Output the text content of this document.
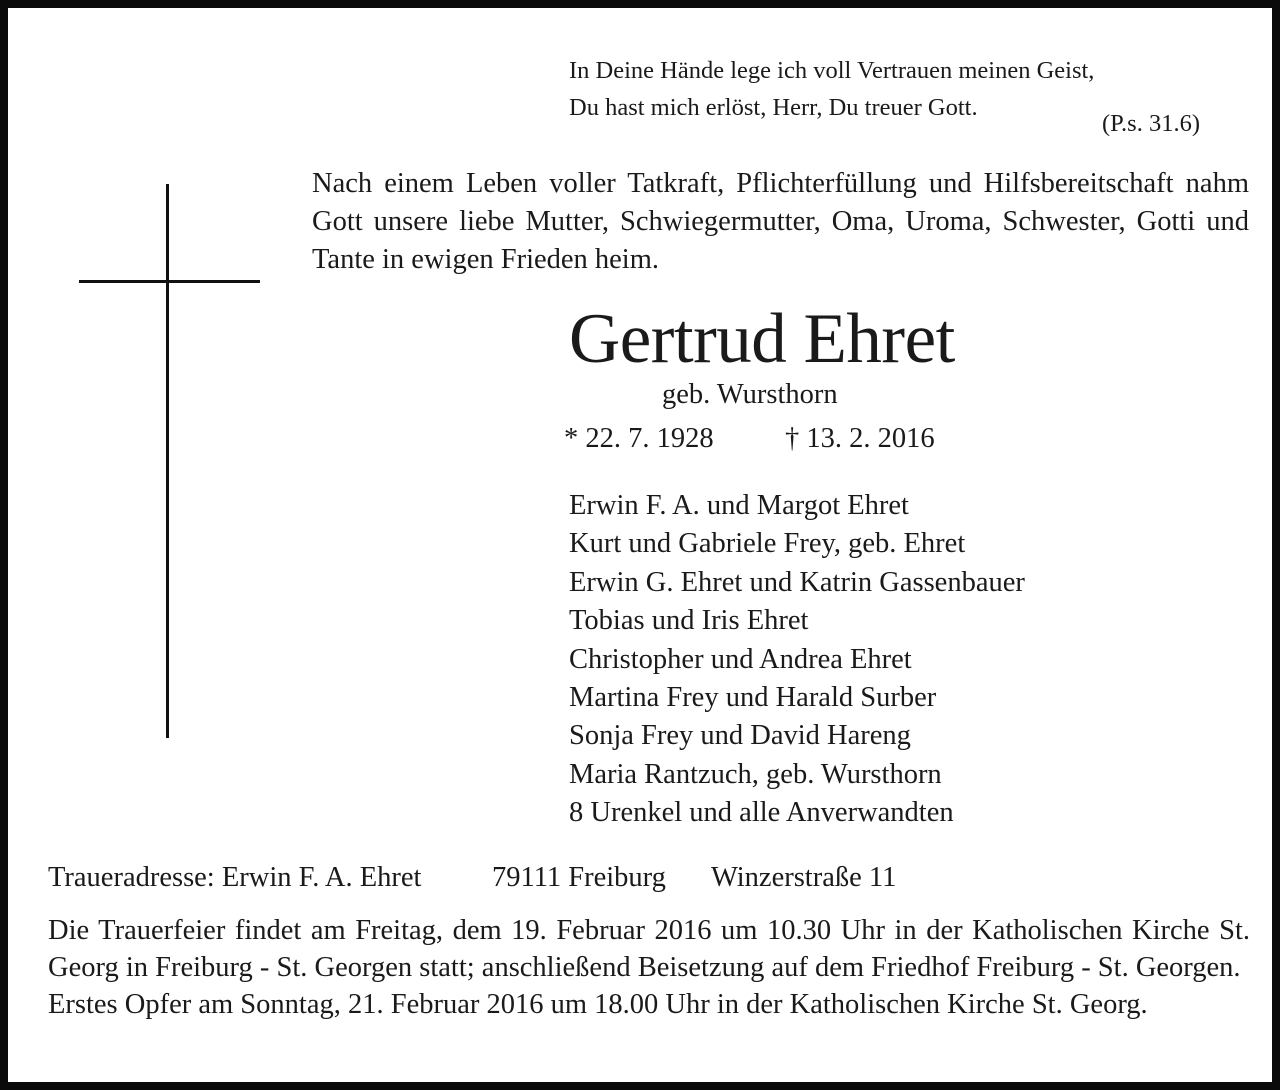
In Deine Hände lege ich voll Vertrauen meinen Geist,
Du hast mich erlöst, Herr, Du treuer Gott.
(P.s. 31.6)
Nach einem Leben voller Tatkraft, Pflichterfüllung und Hilfsbereitschaft nahm Gott unsere liebe Mutter, Schwiegermutter, Oma, Uroma, Schwester, Gotti und Tante in ewigen Frieden heim.
Gertrud Ehret
geb. Wursthorn
* 22. 7. 1928	† 13. 2. 2016
Erwin F. A. und Margot Ehret
Kurt und Gabriele Frey, geb. Ehret
Erwin G. Ehret und Katrin Gassenbauer
Tobias und Iris Ehret
Christopher und Andrea Ehret
Martina Frey und Harald Surber
Sonja Frey und David Hareng
Maria Rantzuch, geb. Wursthorn
8 Urenkel und alle Anverwandten
Traueradresse: Erwin F. A. Ehret 79111 Freiburg Winzerstraße 11

Die Trauerfeier findet am Freitag, dem 19. Februar 2016 um 10.30 Uhr in der Katholischen Kirche St. Georg in Freiburg - St. Georgen statt; anschließend Beisetzung auf dem Friedhof Freiburg - St. Georgen.

Erstes Opfer am Sonntag, 21. Februar 2016 um 18.00 Uhr in der Katholischen Kirche St. Georg.
